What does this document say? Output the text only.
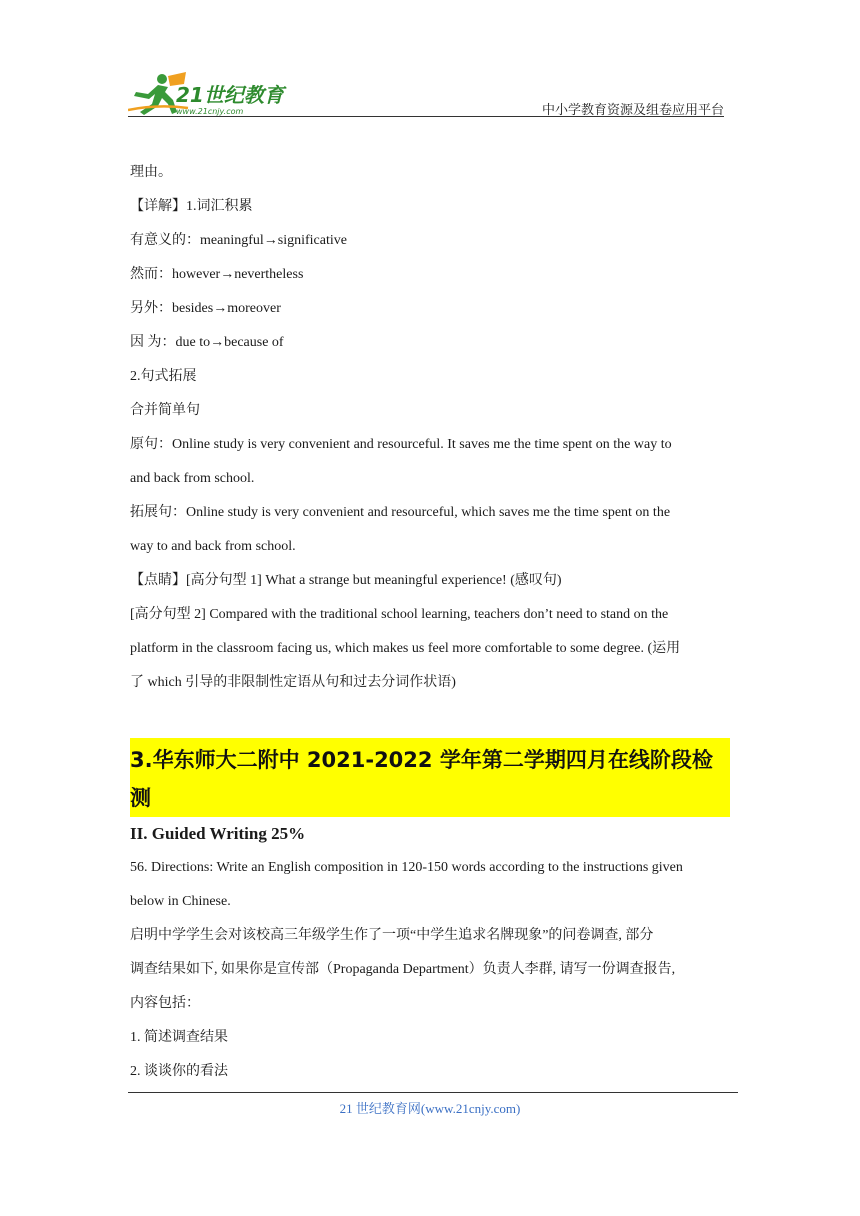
21世纪教育
www.21cnjy.com	中小学教育资源及组卷应用平台

理由。

【详解】1.词汇积累

有意义的：meaningful→significative

然而：however→nevertheless

另外：besides→moreover

因 为：due to→because of

2.句式拓展

合并简单句

原句：Online study is very convenient and resourceful. It saves me the time spent on the way to

and back from school.

拓展句：Online study is very convenient and resourceful, which saves me the time spent on the

way to and back from school.

【点睛】[高分句型 1] What a strange but meaningful experience! (感叹句)

[高分句型 2] Compared with the traditional school learning, teachers don’t need to stand on the

platform in the classroom facing us, which makes us feel more comfortable to some degree. (运用

了 which 引导的非限制性定语从句和过去分词作状语)

3.华东师大二附中 2021-2022 学年第二学期四月在线阶段检测

II. Guided Writing 25%

56. Directions: Write an English composition in 120-150 words according to the instructions given

below in Chinese.

启明中学学生会对该校高三年级学生作了一项“中学生追求名牌现象”的问卷调查, 部分

调查结果如下, 如果你是宣传部（Propaganda Department）负责人李群, 请写一份调查报告,

内容包括：

1. 简述调查结果

2. 谈谈你的看法

21 世纪教育网(www.21cnjy.com)
